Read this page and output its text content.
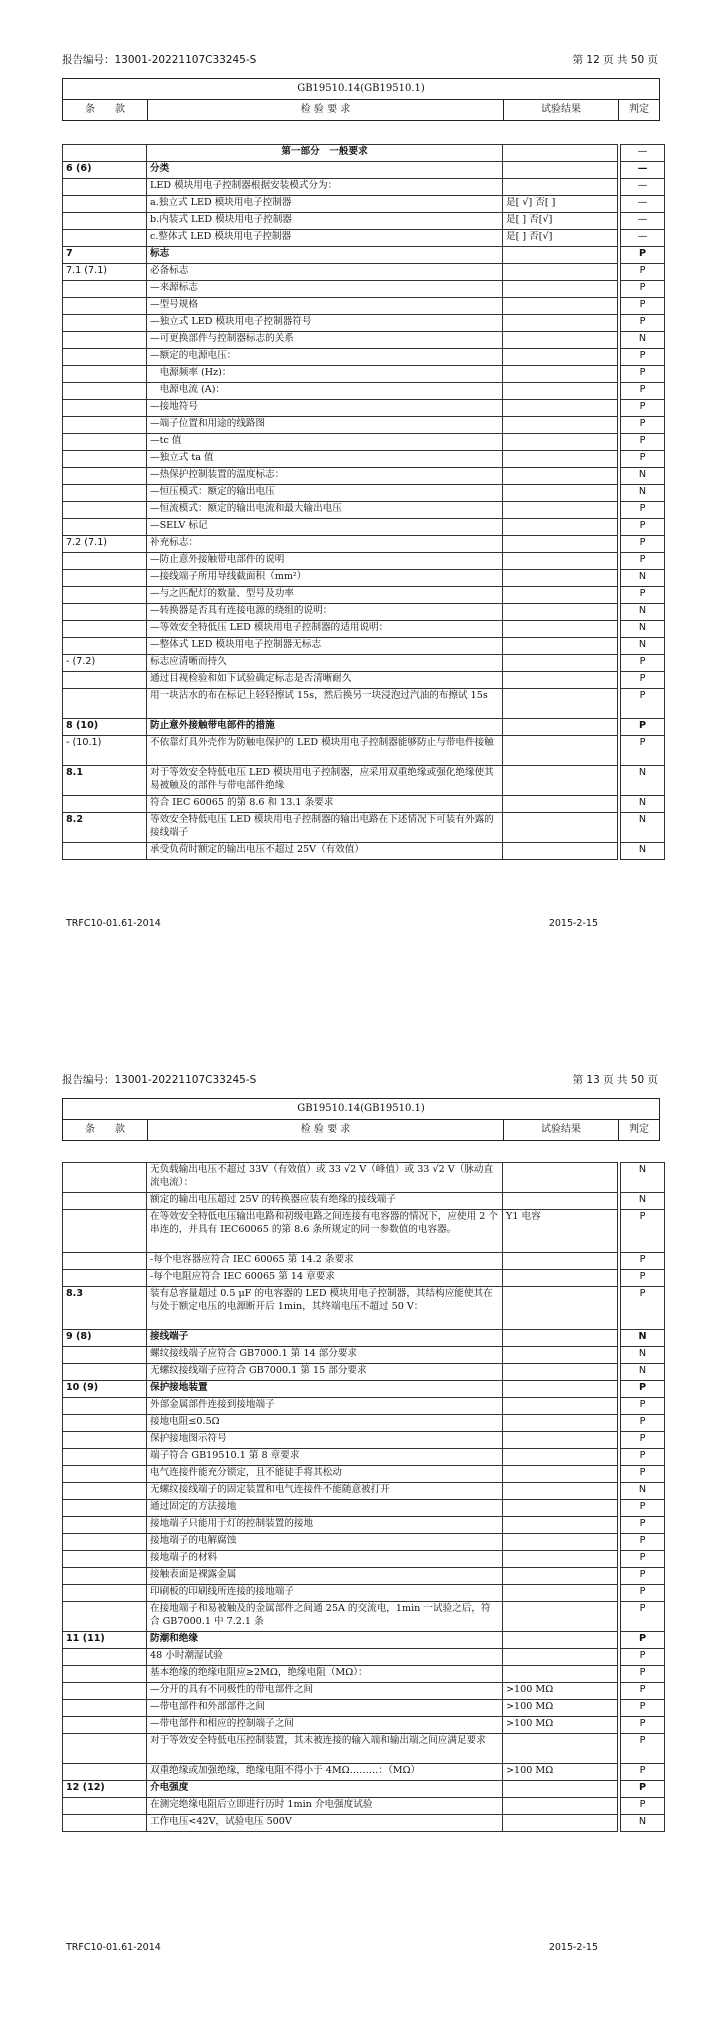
报告编号：13001-20221107C33245-S	第 12 页 共 50 页
GB19510.14(GB19510.1)
条　　款	检 验 要 求	试验结果	判定
	第一部分　一般要求			—
6 (6)	分类			—
	LED 模块用电子控制器根据安装模式分为：			—
	a.独立式 LED 模块用电子控制器	是[ √] 否[ ]		—
	b.内装式 LED 模块用电子控制器	是[ ] 否[√]		—
	c.整体式 LED 模块用电子控制器	是[ ] 否[√]		—
7	标志			P
7.1 (7.1)	必备标志			P
	—来源标志			P
	—型号规格			P
	—独立式 LED 模块用电子控制器符号			P
	—可更换部件与控制器标志的关系			N
	—额定的电源电压：			P
	　电源频率 (Hz)：			P
	　电源电流 (A)：			P
	—接地符号			P
	—端子位置和用途的线路图			P
	—tc 值			P
	—独立式 ta 值			P
	—热保护控制装置的温度标志：			N
	—恒压模式：额定的输出电压			N
	—恒流模式：额定的输出电流和最大输出电压			P
	—SELV 标记			P
7.2 (7.1)	补充标志：			P
	—防止意外接触带电部件的说明			P
	—接线端子所用导线截面积（mm²）			N
	—与之匹配灯的数量、型号及功率			P
	—转换器是否具有连接电源的绕组的说明：			N
	—等效安全特低压 LED 模块用电子控制器的适用说明：			N
	—整体式 LED 模块用电子控制器无标志			N
- (7.2)	标志应清晰而持久			P
	通过目视检验和如下试验确定标志是否清晰耐久			P
	用一块沾水的布在标记上轻轻擦试 15s，然后换另一块浸泡过汽油的布擦试 15s			P
8 (10)	防止意外接触带电部件的措施			P
- (10.1)	不依靠灯具外壳作为防触电保护的 LED 模块用电子控制器能够防止与带电件接触			P
8.1	对于等效安全特低电压 LED 模块用电子控制器，应采用双重绝缘或强化绝缘使其易被触及的部件与带电部件绝缘			N
	符合 IEC 60065 的第 8.6 和 13.1 条要求			N
8.2	等效安全特低电压 LED 模块用电子控制器的输出电路在下述情况下可装有外露的接线端子			N
	承受负荷时额定的输出电压不超过 25V（有效值）			N
TRFC10-01.61-2014	2015-2-15
报告编号：13001-20221107C33245-S	第 13 页 共 50 页
GB19510.14(GB19510.1)
条　　款	检 验 要 求	试验结果	判定
	无负载输出电压不超过 33V（有效值）或 33 √2 V（峰值）或 33 √2 V（脉动直流电流）：			N
	额定的输出电压超过 25V 的转换器应装有绝缘的接线端子			N
	在等效安全特低电压输出电路和初级电路之间连接有电容器的情况下，应使用 2 个串连的，并具有 IEC60065 的第 8.6 条所规定的同一参数值的电容器。	Y1 电容		P
	-每个电容器应符合 IEC 60065 第 14.2 条要求			P
	-每个电阻应符合 IEC 60065 第 14 章要求			P
8.3	装有总容量超过 0.5 μF 的电容器的 LED 模块用电子控制器，其结构应能使其在与处于额定电压的电源断开后 1min，其终端电压不超过 50 V：			P
9 (8)	接线端子			N
	螺纹接线端子应符合 GB7000.1 第 14 部分要求			N
	无螺纹接线端子应符合 GB7000.1 第 15 部分要求			N
10 (9)	保护接地装置			P
	外部金属部件连接到接地端子			P
	接地电阻≤0.5Ω			P
	保护接地图示符号			P
	端子符合 GB19510.1 第 8 章要求			P
	电气连接件能充分锁定，且不能徒手将其松动			P
	无螺纹接线端子的固定装置和电气连接件不能随意被打开			N
	通过固定的方法接地			P
	接地端子只能用于灯的控制装置的接地			P
	接地端子的电解腐蚀			P
	接地端子的材料			P
	接触表面是裸露金属			P
	印刷板的印刷线所连接的接地端子			P
	在接地端子和易被触及的金属部件之间通 25A 的交流电，1min 一试验之后，符合 GB7000.1 中 7.2.1 条			P
11 (11)	防潮和绝缘			P
	48 小时潮湿试验			P
	基本绝缘的绝缘电阻应≥2MΩ，绝缘电阻（MΩ）：			P
	—分开的具有不同极性的带电部件之间	>100 MΩ		P
	—带电部件和外部部件之间	>100 MΩ		P
	—带电部件和相应的控制端子之间	>100 MΩ		P
	对于等效安全特低电压控制装置，其未被连接的输入端和输出端之间应满足要求			P
	双重绝缘或加强绝缘，绝缘电阻不得小于 4MΩ………：（MΩ）	>100 MΩ		P
12 (12)	介电强度			P
	在测完绝缘电阻后立即进行历时 1min 介电强度试验			P
	工作电压<42V，试验电压 500V			N
TRFC10-01.61-2014	2015-2-15
